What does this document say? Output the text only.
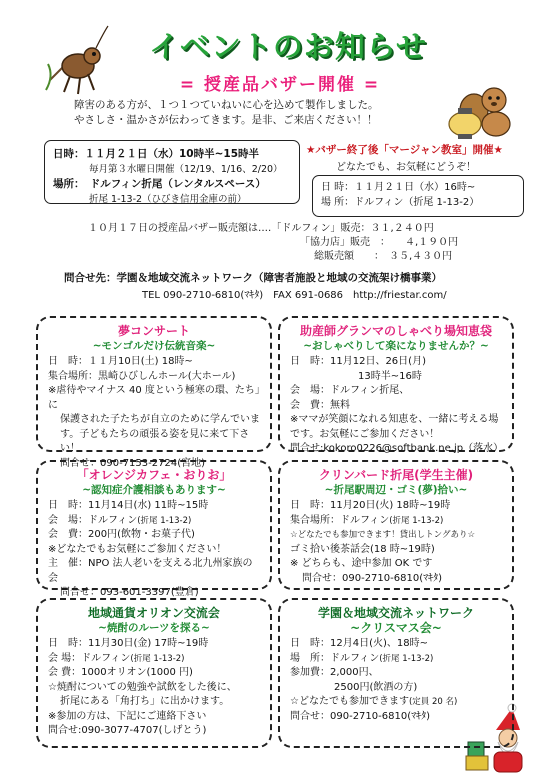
イベントのお知らせ
= 授産品バザー開催 =
障害のある方が、１つ１つていねいに心を込めて製作しました。
やさしさ・温かさが伝わってきます。是非、ご来店ください！！
日時：１１月２１日（水）10時半~15時半
毎月第３水曜日開催（12/19、1/16、2/20）
場所：　ドルフィン折尾（レンタルスペース）
折尾 1-13-2（ひびき信用金庫の前）
★バザー終了後「マージャン教室」開催★
どなたでも、お気軽にどうぞ！
日 時：１１月２１日（水）16時~
場 所：ドルフィン（折尾 1-13-2）
１０月１７日の授産品バザー販売額は‥‥「ドルフィン」販売：３１,２４０円
「協力店」販売　：　　４,１９０円
総販売額　　：　３５,４３０円
問合せ先：学園＆地域交流ネットワーク（障害者施設と地域の交流架け橋事業）
TEL 090-2710-6810(ﾏｷﾀ)　FAX 691-0686　http://friestar.com/
夢コンサート
~モンゴルだけ伝統音楽~
日　時：１１月10日(土) 18時~
集合場所：黒崎ひびしんホール(大ホール)
※虐待やマイナス 40 度という極寒の環、たち」に
保護された子たちが自立のために学んでいます。子どもたちの頑張る姿を見に来て下さい！
問合せ：090-7153-2724(宮地)
助産師グランマのしゃべり場知恵袋
~おしゃべりして楽になりませんか？~
日　時：11月12日、26日(月)
13時半~16時
会　場：ドルフィン折尾、
会　費：無料
※ママが笑顔になれる知恵を、一緒に考える場です。お気軽にご参加ください！
問合せ:kokoro0226@softbank.ne.jp（落水）
「オレンジカフェ・おりお」
~認知症介護相談もあります~
日　時：11月14日(水) 11時~15時
会　場：ドルフィン(折尾 1-13-2)
会　費：200円(飲物・お菓子代)
※どなたでもお気軽にご参加ください！
主　催：NPO 法人老いを支える北九州家族の会
問合せ：093-601-3397(豊倉)
クリンバード折尾(学生主催)
~折尾駅周辺・ゴミ(夢)拾い~
日　時：11月20日(火) 18時~19時
集合場所：ドルフィン(折尾 1-13-2)
☆どなたでも参加できます！貸出しトングあり☆
ゴミ拾い後茶話会(18 時~19時)
※ どちらも、途中参加 OK です
問合せ：090-2710-6810(ﾏｷﾀ)
地域通貨オリオン交流会
~焼酎のルーツを探る~
日　時：11月30日(金) 17時~19時
会 場：ドルフィン(折尾 1-13-2)
会 費：1000オリオン(1000 円)
☆焼酎についての勉強や試飲をした後に、
折尾にある「角打ち」に出かけます。
※参加の方は、下記にご連絡下さい
問合せ:090-3077-4707(しげとう)
学園＆地域交流ネットワーク
~クリスマス会~
日　時：12月4日(火)、18時~
場　所：ドルフィン(折尾 1-13-2)
参加費：2,000円、
2500円(飲酒の方)
☆どなたでも参加できます(定員 20 名)
問合せ：090-2710-6810(ﾏｷﾀ)
